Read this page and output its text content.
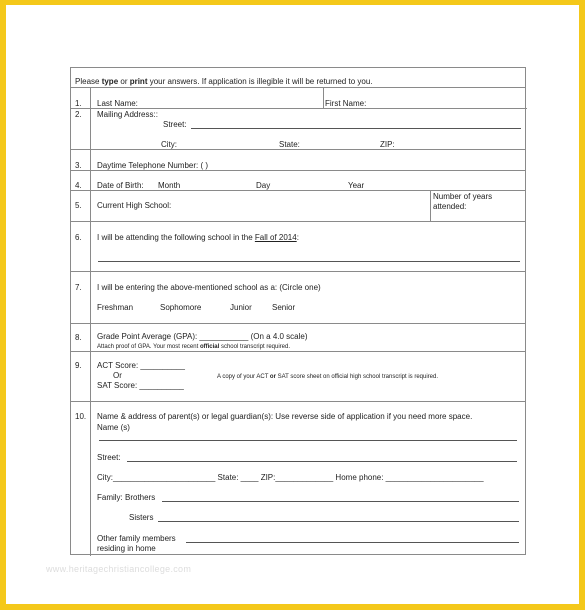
Please type or print your answers. If application is illegible it will be returned to you.
1. Last Name:	First Name:
2. Mailing Address::
Street:
City:	State:	ZIP:
3. Daytime Telephone Number: ( )
4. Date of Birth: Month	Day	Year
5. Current High School:
Number of years
attended:
6. I will be attending the following school in the Fall of 2014:
7. I will be entering the above-mentioned school as a: (Circle one)
Freshman	Sophomore	Junior	Senior
8. Grade Point Average (GPA): ___________ (On a 4.0 scale)
Attach proof of GPA. Your most recent official school transcript required.
9. ACT Score: __________
Or
SAT Score: __________
A copy of your ACT or SAT score sheet on official high school transcript is required.
10. Name & address of parent(s) or legal guardian(s): Use reverse side of application if you need more space.
Name (s)
Street:
City:_______________________ State: ____ ZIP:_____________ Home phone: ______________________
Family: Brothers
Sisters
Other family members
residing in home
www.heritagechristiancollege.com
